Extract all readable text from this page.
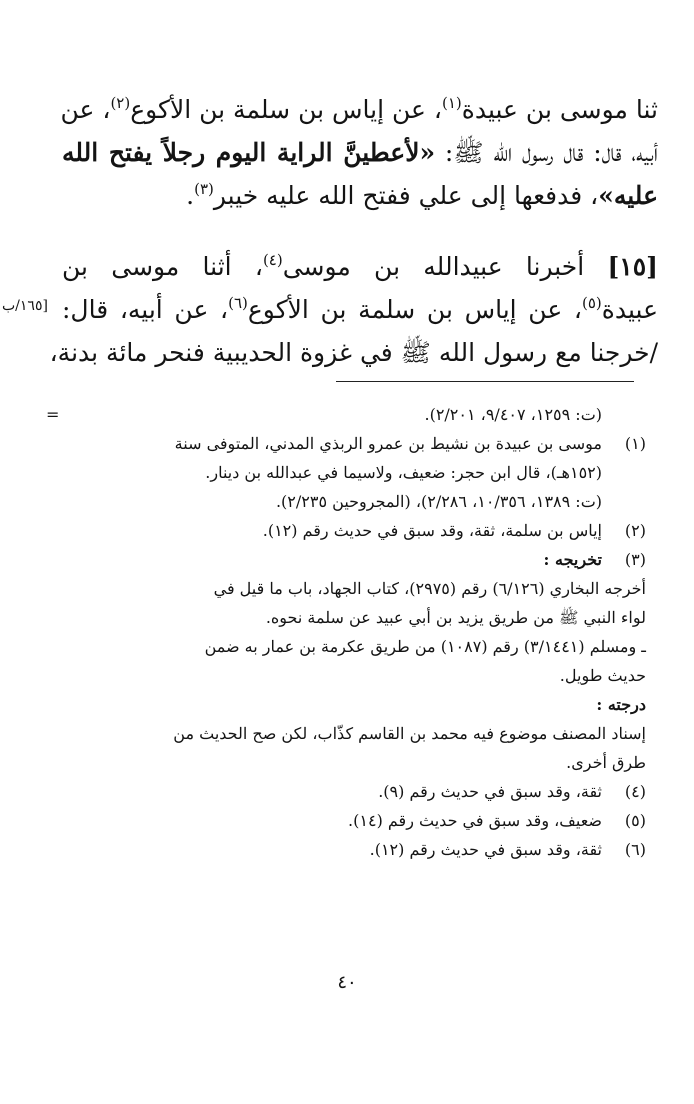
ثنا موسى بن عبيدة$^{(١)}$، عن إياس بن سلمة بن الأكوع$^{(٢)}$، عن
أبيه، قال: قال رسول الله ﷺ: «لأعطينَّ الراية اليوم رجلاً يفتح الله
عليه»، فدفعها إلى علي ففتح الله عليه خيبر$^{(٣)}$.
[١٥] أخبرنا عبيدالله بن موسى$^{(٤)}$، أثنا موسى بن
عبيدة$^{(٥)}$، عن إياس بن سلمة بن الأكوع$^{(٦)}$، عن أبيه، قال:
/خرجنا مع رسول الله ﷺ في غزوة الحديبية فنحر مائة بدنة،
[١٦٥/ب
=	(ت: ١٢٥٩، ٩/٤٠٧، ٢/٢٠١).
(١)
موسى بن عبيدة بن نشيط بن عمرو الربذي المدني، المتوفى سنة
(١٥٢هـ)، قال ابن حجر: ضعيف، ولاسيما في عبدالله بن دينار.
(ت: ١٣٨٩، ١٠/٣٥٦، ٢/٢٨٦)، (المجروحين ٢/٢٣٥).
(٢)
إياس بن سلمة، ثقة، وقد سبق في حديث رقم (١٢).
(٣)
تخريجه :
أخرجه البخاري (٦/١٢٦) رقم (٢٩٧٥)، كتاب الجهاد، باب ما قيل في
لواء النبي ﷺ من طريق يزيد بن أبي عبيد عن سلمة نحوه.
ـ ومسلم (٣/١٤٤١) رقم (١٠٨٧) من طريق عكرمة بن عمار به ضمن
حديث طويل.
درجته :
إسناد المصنف موضوع فيه محمد بن القاسم كذّاب، لكن صح الحديث من
طرق أخرى.
(٤)
ثقة، وقد سبق في حديث رقم (٩).
(٥)
ضعيف، وقد سبق في حديث رقم (١٤).
(٦)
ثقة، وقد سبق في حديث رقم (١٢).
٤٠
